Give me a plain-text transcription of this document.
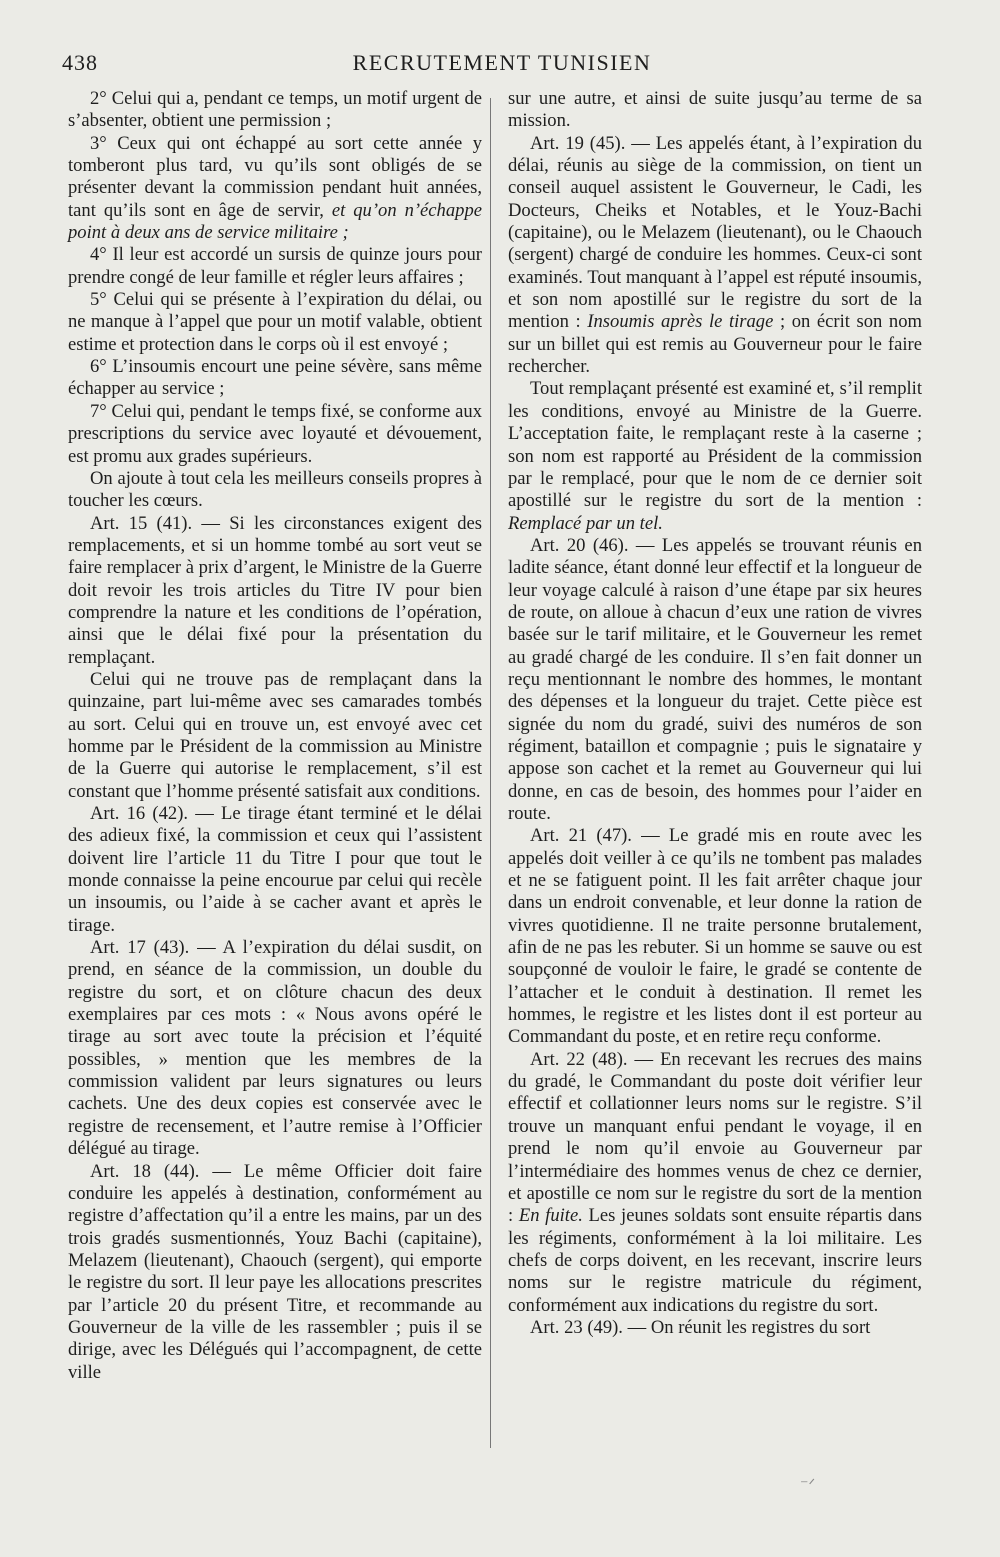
438	RECRUTEMENT TUNISIEN

2° Celui qui a, pendant ce temps, un motif urgent de s’absenter, obtient une permission ;

3° Ceux qui ont échappé au sort cette année y tomberont plus tard, vu qu’ils sont obligés de se présenter devant la commission pendant huit années, tant qu’ils sont en âge de servir, et qu’on n’échappe point à deux ans de service militaire ;

4° Il leur est accordé un sursis de quinze jours pour prendre congé de leur famille et régler leurs affaires ;

5° Celui qui se présente à l’expiration du délai, ou ne manque à l’appel que pour un motif valable, obtient estime et protection dans le corps où il est envoyé ;

6° L’insoumis encourt une peine sévère, sans même échapper au service ;

7° Celui qui, pendant le temps fixé, se conforme aux prescriptions du service avec loyauté et dévouement, est promu aux grades supérieurs.

On ajoute à tout cela les meilleurs conseils propres à toucher les cœurs.

Art. 15 (41). — Si les circonstances exigent des remplacements, et si un homme tombé au sort veut se faire remplacer à prix d’argent, le Ministre de la Guerre doit revoir les trois articles du Titre IV pour bien comprendre la nature et les conditions de l’opération, ainsi que le délai fixé pour la présentation du remplaçant.

Celui qui ne trouve pas de remplaçant dans la quinzaine, part lui-même avec ses camarades tombés au sort. Celui qui en trouve un, est envoyé avec cet homme par le Président de la commission au Ministre de la Guerre qui autorise le remplacement, s’il est constant que l’homme présenté satisfait aux conditions.

Art. 16 (42). — Le tirage étant terminé et le délai des adieux fixé, la commission et ceux qui l’assistent doivent lire l’article 11 du Titre I pour que tout le monde connaisse la peine encourue par celui qui recèle un insoumis, ou l’aide à se cacher avant et après le tirage.

Art. 17 (43). — A l’expiration du délai susdit, on prend, en séance de la commission, un double du registre du sort, et on clôture chacun des deux exemplaires par ces mots : « Nous avons opéré le tirage au sort avec toute la précision et l’équité possibles, » mention que les membres de la commission valident par leurs signatures ou leurs cachets. Une des deux copies est conservée avec le registre de recensement, et l’autre remise à l’Officier délégué au tirage.

Art. 18 (44). — Le même Officier doit faire conduire les appelés à destination, conformément au registre d’affectation qu’il a entre les mains, par un des trois gradés susmentionnés, Youz Bachi (capitaine), Melazem (lieutenant), Chaouch (sergent), qui emporte le registre du sort. Il leur paye les allocations prescrites par l’article 20 du présent Titre, et recommande au Gouverneur de la ville de les rassembler ; puis il se dirige, avec les Délégués qui l’accompagnent, de cette ville

sur une autre, et ainsi de suite jusqu’au terme de sa mission.

Art. 19 (45). — Les appelés étant, à l’expiration du délai, réunis au siège de la commission, on tient un conseil auquel assistent le Gouverneur, le Cadi, les Docteurs, Cheiks et Notables, et le Youz-Bachi (capitaine), ou le Melazem (lieutenant), ou le Chaouch (sergent) chargé de conduire les hommes. Ceux-ci sont examinés. Tout manquant à l’appel est réputé insoumis, et son nom apostillé sur le registre du sort de la mention : Insoumis après le tirage ; on écrit son nom sur un billet qui est remis au Gouverneur pour le faire rechercher.

Tout remplaçant présenté est examiné et, s’il remplit les conditions, envoyé au Ministre de la Guerre. L’acceptation faite, le remplaçant reste à la caserne ; son nom est rapporté au Président de la commission par le remplacé, pour que le nom de ce dernier soit apostillé sur le registre du sort de la mention : Remplacé par un tel.

Art. 20 (46). — Les appelés se trouvant réunis en ladite séance, étant donné leur effectif et la longueur de leur voyage calculé à raison d’une étape par six heures de route, on alloue à chacun d’eux une ration de vivres basée sur le tarif militaire, et le Gouverneur les remet au gradé chargé de les conduire. Il s’en fait donner un reçu mentionnant le nombre des hommes, le montant des dépenses et la longueur du trajet. Cette pièce est signée du nom du gradé, suivi des numéros de son régiment, bataillon et compagnie ; puis le signataire y appose son cachet et la remet au Gouverneur qui lui donne, en cas de besoin, des hommes pour l’aider en route.

Art. 21 (47). — Le gradé mis en route avec les appelés doit veiller à ce qu’ils ne tombent pas malades et ne se fatiguent point. Il les fait arrêter chaque jour dans un endroit convenable, et leur donne la ration de vivres quotidienne. Il ne traite personne brutalement, afin de ne pas les rebuter. Si un homme se sauve ou est soupçonné de vouloir le faire, le gradé se contente de l’attacher et le conduit à destination. Il remet les hommes, le registre et les listes dont il est porteur au Commandant du poste, et en retire reçu conforme.

Art. 22 (48). — En recevant les recrues des mains du gradé, le Commandant du poste doit vérifier leur effectif et collationner leurs noms sur le registre. S’il trouve un manquant enfui pendant le voyage, il en prend le nom qu’il envoie au Gouverneur par l’intermédiaire des hommes venus de chez ce dernier, et apostille ce nom sur le registre du sort de la mention : En fuite. Les jeunes soldats sont ensuite répartis dans les régiments, conformément à la loi militaire. Les chefs de corps doivent, en les recevant, inscrire leurs noms sur le registre matricule du régiment, conformément aux indications du registre du sort.

Art. 23 (49). — On réunit les registres du sort

⁻ᐟ
